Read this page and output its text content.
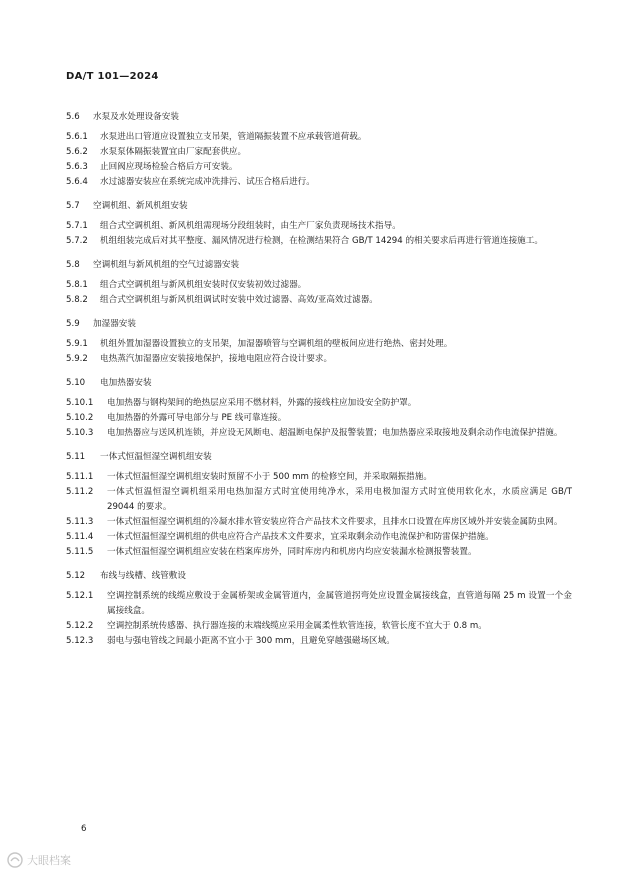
DA/T 101—2024
5.6	水泵及水处理设备安装
5.6.1	水泵进出口管道应设置独立支吊架，管道隔振装置不应承载管道荷载。
5.6.2	水泵泵体隔振装置宜由厂家配套供应。
5.6.3	止回阀应现场检验合格后方可安装。
5.6.4	水过滤器安装应在系统完成冲洗排污、试压合格后进行。
5.7	空调机组、新风机组安装
5.7.1	组合式空调机组、新风机组需现场分段组装时，由生产厂家负责现场技术指导。
5.7.2	机组组装完成后对其平整度、漏风情况进行检测，在检测结果符合 GB/T 14294 的相关要求后再进行管道连接施工。
5.8	空调机组与新风机组的空气过滤器安装
5.8.1	组合式空调机组与新风机组安装时仅安装初效过滤器。
5.8.2	组合式空调机组与新风机组调试时安装中效过滤器、高效/亚高效过滤器。
5.9	加湿器安装
5.9.1	机组外置加湿器设置独立的支吊架，加湿器喷管与空调机组的壁板间应进行绝热、密封处理。
5.9.2	电热蒸汽加湿器应安装接地保护，接地电阻应符合设计要求。
5.10	电加热器安装
5.10.1	电加热器与钢构架间的绝热层应采用不燃材料，外露的接线柱应加设安全防护罩。
5.10.2	电加热器的外露可导电部分与 PE 线可靠连接。
5.10.3	电加热器应与送风机连锁，并应设无风断电、超温断电保护及报警装置；电加热器应采取接地及剩余动作电流保护措施。
5.11	一体式恒温恒湿空调机组安装
5.11.1	一体式恒温恒湿空调机组安装时预留不小于 500 mm 的检修空间，并采取隔振措施。
5.11.2	一体式恒温恒湿空调机组采用电热加湿方式时宜使用纯净水，采用电极加湿方式时宜使用软化水，水质应满足 GB/T 29044 的要求。
5.11.3	一体式恒温恒湿空调机组的冷凝水排水管安装应符合产品技术文件要求，且排水口设置在库房区域外并安装金属防虫网。
5.11.4	一体式恒温恒湿空调机组的供电应符合产品技术文件要求，宜采取剩余动作电流保护和防雷保护措施。
5.11.5	一体式恒温恒湿空调机组应安装在档案库房外，同时库房内和机房内均应安装漏水检测报警装置。
5.12	布线与线槽、线管敷设
5.12.1	空调控制系统的线缆应敷设于金属桥架或金属管道内，金属管道拐弯处应设置金属接线盒，直管道每隔 25 m 设置一个金属接线盒。
5.12.2	空调控制系统传感器、执行器连接的末端线缆应采用金属柔性软管连接，软管长度不宜大于 0.8 m。
5.12.3	弱电与强电管线之间最小距离不宜小于 300 mm，且避免穿越强磁场区域。
6
大眼档案
